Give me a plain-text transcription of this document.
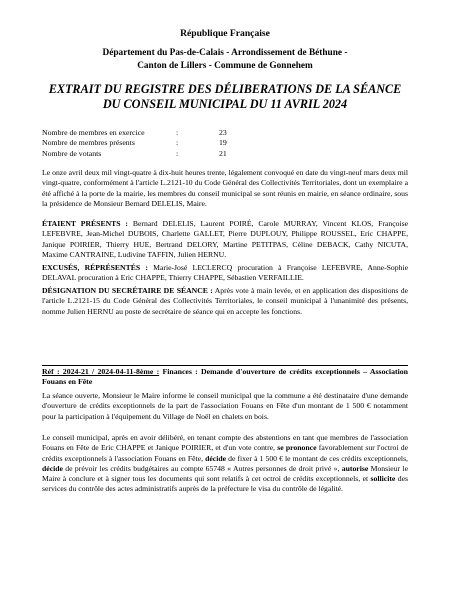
République Française
Département du Pas-de-Calais - Arrondissement de Béthune -
Canton de Lillers - Commune de Gonnehem
EXTRAIT DU REGISTRE DES DÉLIBERATIONS DE LA SÉANCE
DU CONSEIL MUNICIPAL DU 11 AVRIL 2024
Nombre de membres en exercice	:	23
Nombre de membres présents	:	19
Nombre de votants	:	21

Le onze avril deux mil vingt-quatre à dix-huit heures trente, légalement convoqué en date du vingt-neuf mars deux mil vingt-quatre, conformément à l'article L.2121-10 du Code Général des Collectivités Territoriales, dont un exemplaire a été affiché à la porte de la mairie, les membres du conseil municipal se sont réunis en mairie, en séance ordinaire, sous la présidence de Monsieur Bernard DELELIS, Maire.

ÉTAIENT PRÉSENTS : Bernard DELELIS, Laurent POIRÉ, Carole MURRAY, Vincent KLOS, Françoise LEFEBVRE, Jean-Michel DUBOIS, Charlette GALLET, Pierre DUPLOUY, Philippe ROUSSEL, Eric CHAPPE, Janique POIRIER, Thierry HUE, Bertrand DELORY, Martine PETITPAS, Céline DEBACK, Cathy NICUTA, Maxime CANTRAINE, Ludivine TAFFIN, Julien HERNU.

EXCUSÉS, RÉPRÉSENTÉS : Marie-José LECLERCQ procuration à Françoise LEFEBVRE, Anne-Sophie DELAVAL procuration à Eric CHAPPE, Thierry CHAPPE, Sébastien VERFAILLIE.

DÉSIGNATION DU SECRÉTAIRE DE SÉANCE : Après vote à main levée, et en application des dispositions de l'article L.2121-15 du Code Général des Collectivités Territoriales, le conseil municipal à l'unanimité des présents, nomme Julien HERNU au poste de secrétaire de séance qui en accepte les fonctions.

Réf : 2024-21 / 2024-04-11-8ème : Finances : Demande d'ouverture de crédits exceptionnels – Association Fouans en Fête

La séance ouverte, Monsieur le Maire informe le conseil municipal que la commune a été destinataire d'une demande d'ouverture de crédits exceptionnels de la part de l'association Fouans en Fête d'un montant de 1 500 € notamment pour la participation à l'équipement du Village de Noël en chalets en bois.

Le conseil municipal, après en avoir délibéré, en tenant compte des abstentions en tant que membres de l'association Fouans en Fête de Eric CHAPPE et Janique POIRIER, et d'un vote contre, se prononce favorablement sur l'octroi de crédits exceptionnels à l'association Fouans en Fête, décide de fixer à 1 500 € le montant de ces crédits exceptionnels, décide de prévoir les crédits budgétaires au compte 65748 « Autres personnes de droit privé », autorise Monsieur le Maire à conclure et à signer tous les documents qui sont relatifs à cet octroi de crédits exceptionnels, et sollicite des services du contrôle des actes administratifs auprès de la préfecture le visa du contrôle de légalité.
